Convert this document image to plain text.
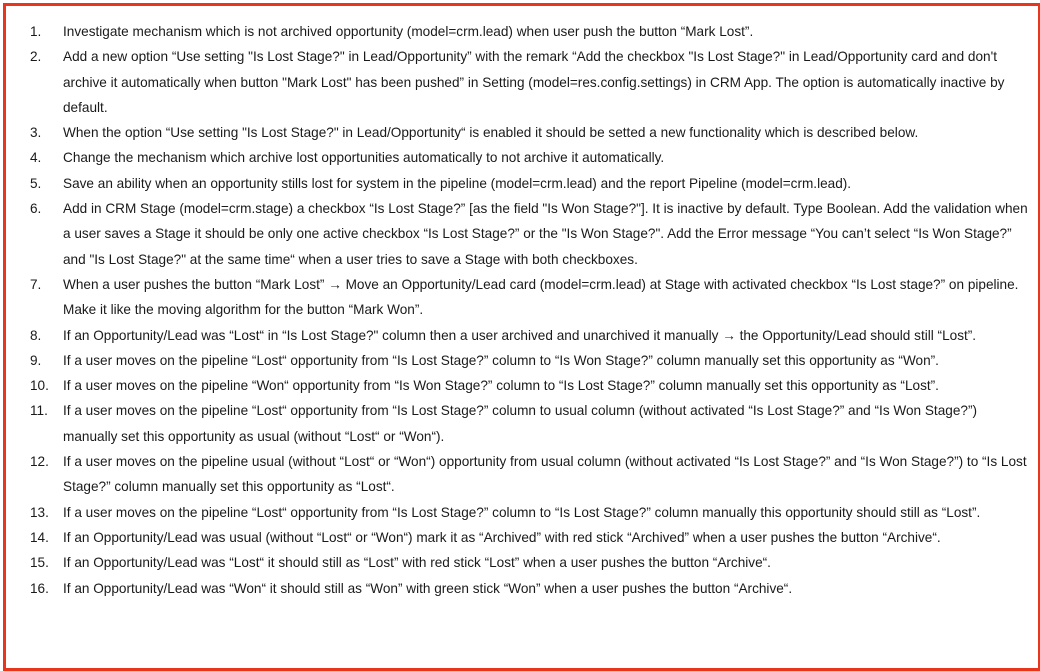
1.	Investigate mechanism which is not archived opportunity (model=crm.lead) when user push the button “Mark Lost”.
2.	Add a new option “Use setting "Is Lost Stage?" in Lead/Opportunity” with the remark “Add the checkbox "Is Lost Stage?" in Lead/Opportunity card and don't archive it automatically when button "Mark Lost" has been pushed” in Setting (model=res.config.settings) in CRM App. The option is automatically inactive by default.
3.	When the option “Use setting "Is Lost Stage?" in Lead/Opportunity“ is enabled it should be setted a new functionality which is described below.
4.	Change the mechanism which archive lost opportunities automatically to not archive it automatically.
5.	Save an ability when an opportunity stills lost for system in the pipeline (model=crm.lead) and the report Pipeline (model=crm.lead).
6.	Add in CRM Stage (model=crm.stage) a checkbox “Is Lost Stage?” [as the field "Is Won Stage?"]. It is inactive by default. Type Boolean. Add the validation when a user saves a Stage it should be only one active checkbox “Is Lost Stage?” or the "Is Won Stage?". Add the Error message “You can’t select “Is Won Stage?” and "Is Lost Stage?" at the same time“ when a user tries to save a Stage with both checkboxes.
7.	When a user pushes the button “Mark Lost” → Move an Opportunity/Lead card (model=crm.lead) at Stage with activated checkbox “Is Lost stage?” on pipeline. Make it like the moving algorithm for the button “Mark Won”.
8.	If an Opportunity/Lead was “Lost“ in “Is Lost Stage?" column then a user archived and unarchived it manually → the Opportunity/Lead should still “Lost”.
9.	If a user moves on the pipeline “Lost“ opportunity from “Is Lost Stage?” column to “Is Won Stage?” column manually set this opportunity as “Won”.
10.	If a user moves on the pipeline “Won“ opportunity from “Is Won Stage?” column to “Is Lost Stage?” column manually set this opportunity as “Lost”.
11.	If a user moves on the pipeline “Lost“ opportunity from “Is Lost Stage?” column to usual column (without activated “Is Lost Stage?” and “Is Won Stage?”) manually set this opportunity as usual (without “Lost“ or “Won“).
12.	If a user moves on the pipeline usual (without “Lost“ or “Won“) opportunity from usual column (without activated “Is Lost Stage?” and “Is Won Stage?”) to “Is Lost Stage?” column manually set this opportunity as “Lost“.
13.	If a user moves on the pipeline “Lost“ opportunity from “Is Lost Stage?” column to “Is Lost Stage?” column manually this opportunity should still as “Lost”.
14.	If an Opportunity/Lead was usual (without “Lost“ or “Won“) mark it as “Archived” with red stick “Archived” when a user pushes the button “Archive“.
15.	If an Opportunity/Lead was “Lost“ it should still as “Lost” with red stick “Lost” when a user pushes the button “Archive“.
16.	If an Opportunity/Lead was “Won“ it should still as “Won” with green stick “Won” when a user pushes the button “Archive“.
